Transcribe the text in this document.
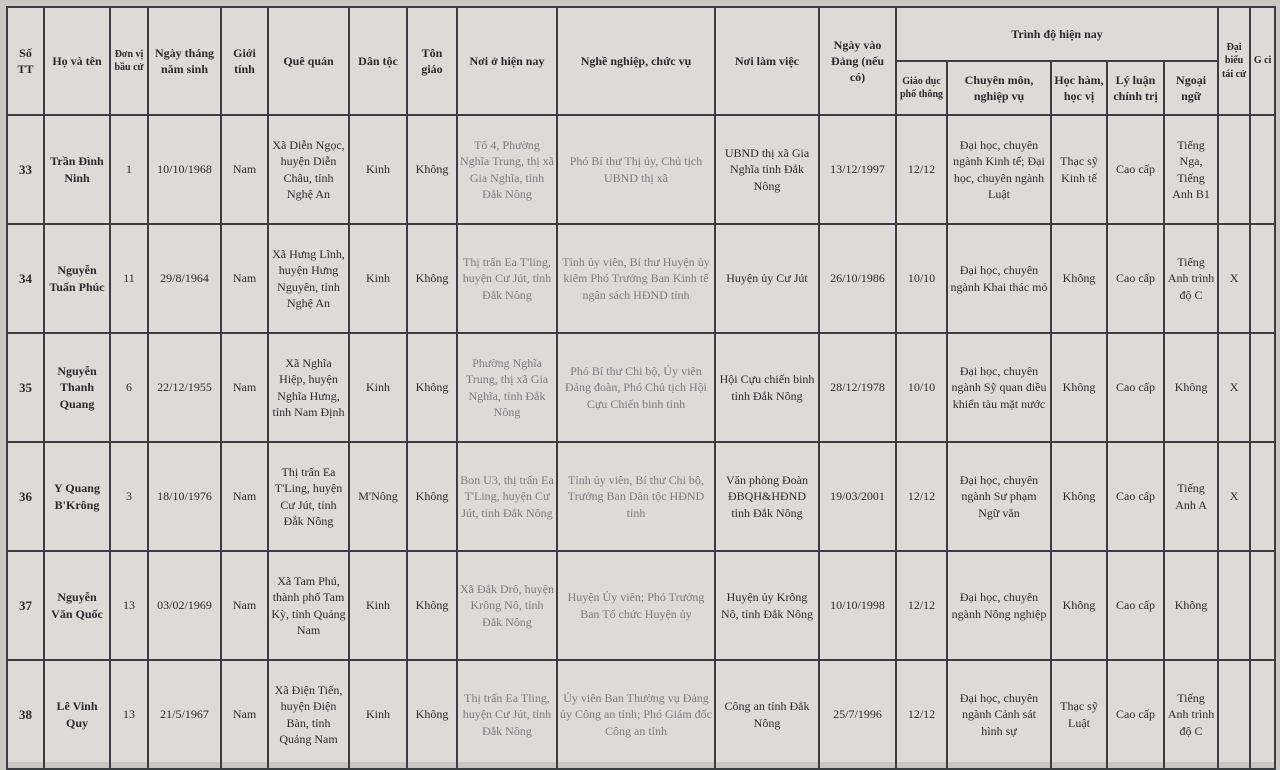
Số TT	Họ và tên	Đơn vị bầu cử	Ngày tháng năm sinh	Giới tính	Quê quán	Dân tộc	Tôn giáo	Nơi ở hiện nay	Nghề nghiệp, chức vụ	Nơi làm việc	Ngày vào Đảng (nếu có)	Trình độ hiện nay					Đại biểu tái cử	G ci
												Giáo dục phổ thông	Chuyên môn, nghiệp vụ	Học hàm, học vị	Lý luận chính trị	Ngoại ngữ		
33	Trần Đình Ninh	1	10/10/1968	Nam	Xã Diễn Ngọc, huyện Diễn Châu, tỉnh Nghệ An	Kinh	Không	Tổ 4, Phường Nghĩa Trung, thị xã Gia Nghĩa, tỉnh Đắk Nông	Phó Bí thư Thị ủy, Chủ tịch UBND thị xã	UBND thị xã Gia Nghĩa tỉnh Đắk Nông	13/12/1997	12/12	Đại học, chuyên ngành Kinh tế; Đại học, chuyên ngành Luật	Thạc sỹ Kinh tế	Cao cấp	Tiếng Nga, Tiếng Anh B1		
34	Nguyễn Tuấn Phúc	11	29/8/1964	Nam	Xã Hưng Lĩnh, huyện Hưng Nguyên, tỉnh Nghệ An	Kinh	Không	Thị trấn Ea T'ling, huyện Cư Jút, tỉnh Đắk Nông	Tỉnh ủy viên, Bí thư Huyện ủy kiêm Phó Trưởng Ban Kinh tế ngân sách HĐND tỉnh	Huyện ủy Cư Jút	26/10/1986	10/10	Đại học, chuyên ngành Khai thác mỏ	Không	Cao cấp	Tiếng Anh trình độ C	X	
35	Nguyễn Thanh Quang	6	22/12/1955	Nam	Xã Nghĩa Hiệp, huyện Nghĩa Hưng, tỉnh Nam Định	Kinh	Không	Phường Nghĩa Trung, thị xã Gia Nghĩa, tỉnh Đắk Nông	Phó Bí thư Chi bộ, Ủy viên Đảng đoàn, Phó Chủ tịch Hội Cựu Chiến binh tỉnh	Hội Cựu chiến binh tỉnh Đắk Nông	28/12/1978	10/10	Đại học, chuyên ngành Sỹ quan điều khiển tàu mặt nước	Không	Cao cấp	Không	X	
36	Y Quang B'Krông	3	18/10/1976	Nam	Thị trấn Ea T'Ling, huyện Cư Jút, tỉnh Đắk Nông	M'Nông	Không	Bon U3, thị trấn Ea T'Ling, huyện Cư Jút, tỉnh Đắk Nông	Tỉnh ủy viên, Bí thư Chi bộ, Trưởng Ban Dân tộc HĐND tỉnh	Văn phòng Đoàn ĐBQH&HĐND tỉnh Đắk Nông	19/03/2001	12/12	Đại học, chuyên ngành Sư phạm Ngữ văn	Không	Cao cấp	Tiếng Anh A	X	
37	Nguyễn Văn Quốc	13	03/02/1969	Nam	Xã Tam Phú, thành phố Tam Kỳ, tỉnh Quảng Nam	Kinh	Không	Xã Đắk Drô, huyện Krông Nô, tỉnh Đắk Nông	Huyện Ủy viên; Phó Trưởng Ban Tổ chức Huyện ủy	Huyện ủy Krông Nô, tỉnh Đắk Nông	10/10/1998	12/12	Đại học, chuyên ngành Nông nghiệp	Không	Cao cấp	Không		
38	Lê Vinh Quy	13	21/5/1967	Nam	Xã Điện Tiến, huyện Điện Bàn, tỉnh Quảng Nam	Kinh	Không	Thị trấn Ea Tling, huyện Cư Jút, tỉnh Đắk Nông	Ủy viên Ban Thường vụ Đảng ủy Công an tỉnh; Phó Giám đốc Công an tỉnh	Công an tỉnh Đắk Nông	25/7/1996	12/12	Đại học, chuyên ngành Cảnh sát hình sự	Thạc sỹ Luật	Cao cấp	Tiếng Anh trình độ C		
